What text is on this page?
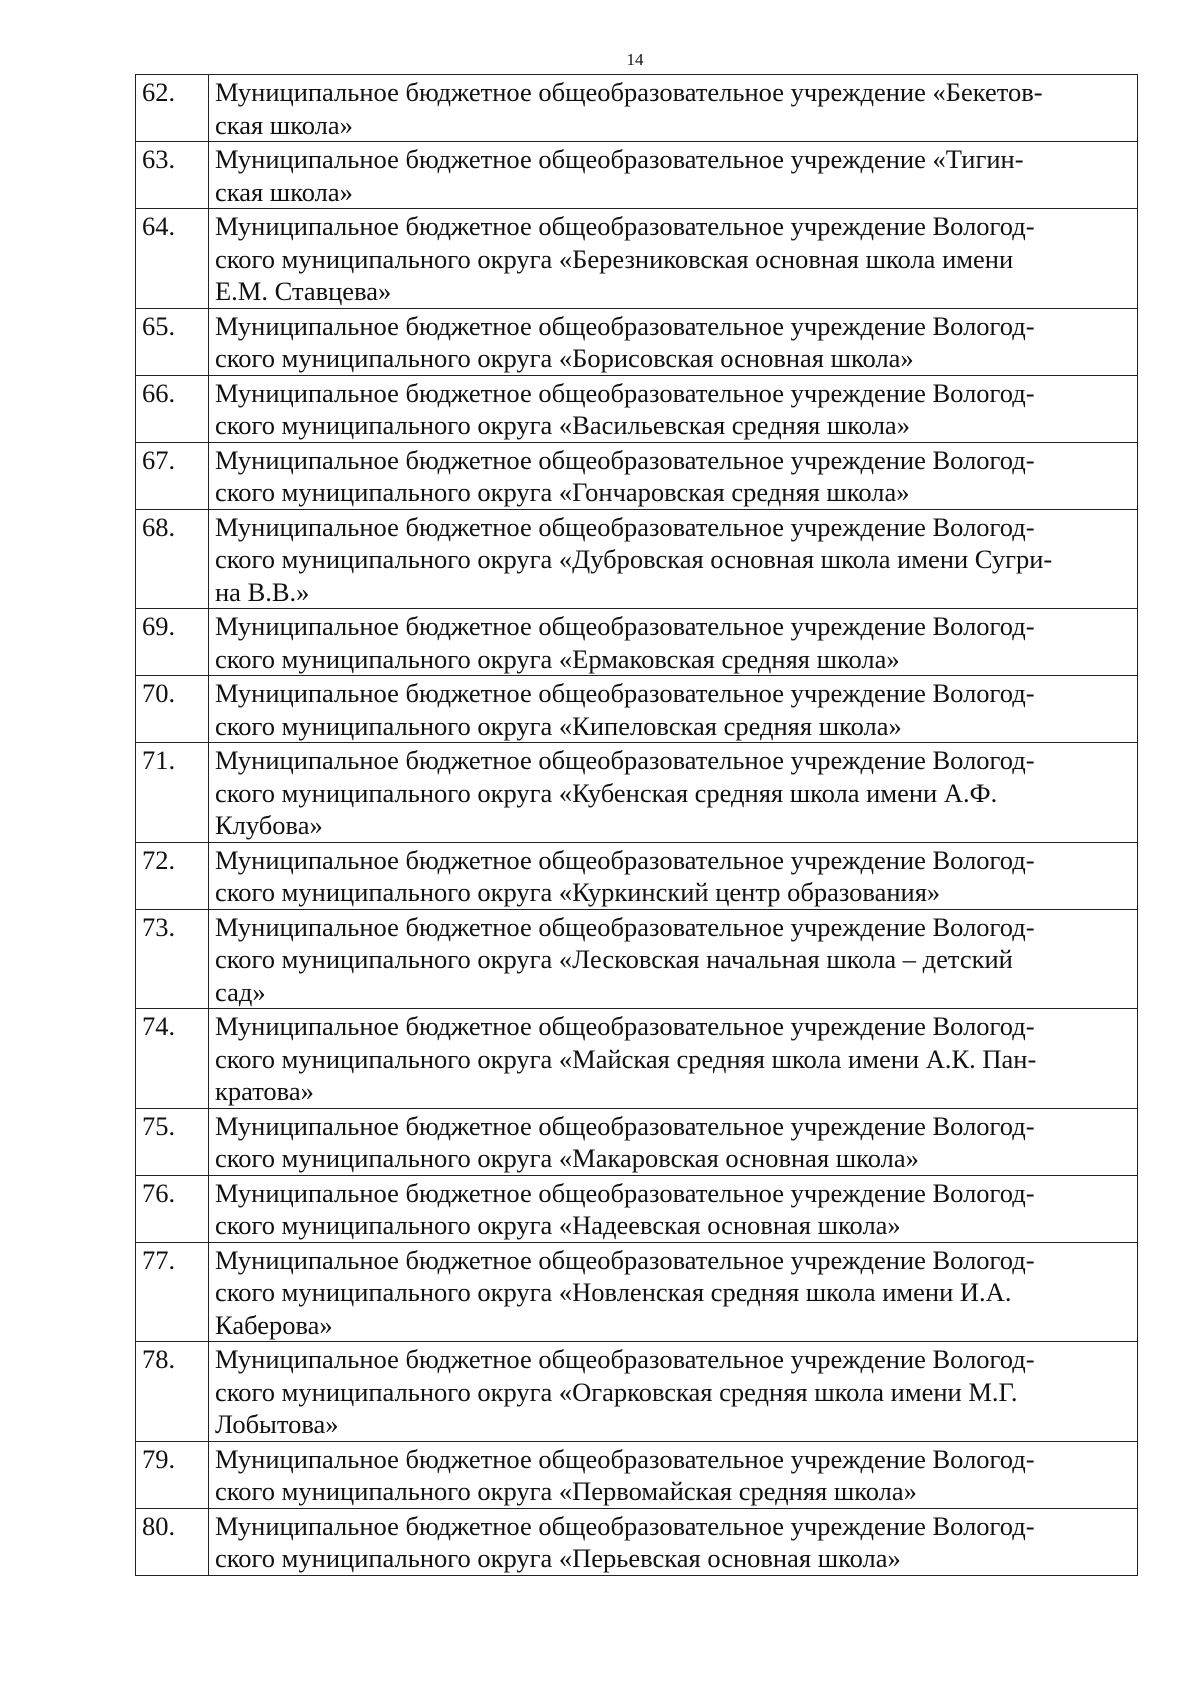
14
62.	Муниципальное бюджетное общеобразовательное учреждение «Бекетов-
ская школа»

63.	Муниципальное бюджетное общеобразовательное учреждение «Тигин-
ская школа»

64.	Муниципальное бюджетное общеобразовательное учреждение Вологод-
ского муниципального округа «Березниковская основная школа имени
Е.М. Ставцева»

65.	Муниципальное бюджетное общеобразовательное учреждение Вологод-
ского муниципального округа «Борисовская основная школа»

66.	Муниципальное бюджетное общеобразовательное учреждение Вологод-
ского муниципального округа «Васильевская средняя школа»

67.	Муниципальное бюджетное общеобразовательное учреждение Вологод-
ского муниципального округа «Гончаровская средняя школа»

68.	Муниципальное бюджетное общеобразовательное учреждение Вологод-
ского муниципального округа «Дубровская основная школа имени Сугри-
на В.В.»

69.	Муниципальное бюджетное общеобразовательное учреждение Вологод-
ского муниципального округа «Ермаковская средняя школа»

70.	Муниципальное бюджетное общеобразовательное учреждение Вологод-
ского муниципального округа «Кипеловская средняя школа»

71.	Муниципальное бюджетное общеобразовательное учреждение Вологод-
ского муниципального округа «Кубенская средняя школа имени А.Ф.
Клубова»

72.	Муниципальное бюджетное общеобразовательное учреждение Вологод-
ского муниципального округа «Куркинский центр образования»

73.	Муниципальное бюджетное общеобразовательное учреждение Вологод-
ского муниципального округа «Лесковская начальная школа – детский
сад»

74.	Муниципальное бюджетное общеобразовательное учреждение Вологод-
ского муниципального округа «Майская средняя школа имени А.К. Пан-
кратова»

75.	Муниципальное бюджетное общеобразовательное учреждение Вологод-
ского муниципального округа «Макаровская основная школа»

76.	Муниципальное бюджетное общеобразовательное учреждение Вологод-
ского муниципального округа «Надеевская основная школа»

77.	Муниципальное бюджетное общеобразовательное учреждение Вологод-
ского муниципального округа «Новленская средняя школа имени И.А.
Каберова»

78.	Муниципальное бюджетное общеобразовательное учреждение Вологод-
ского муниципального округа «Огарковская средняя школа имени М.Г.
Лобытова»

79.	Муниципальное бюджетное общеобразовательное учреждение Вологод-
ского муниципального округа «Первомайская средняя школа»

80.	Муниципальное бюджетное общеобразовательное учреждение Вологод-
ского муниципального округа «Перьевская основная школа»
